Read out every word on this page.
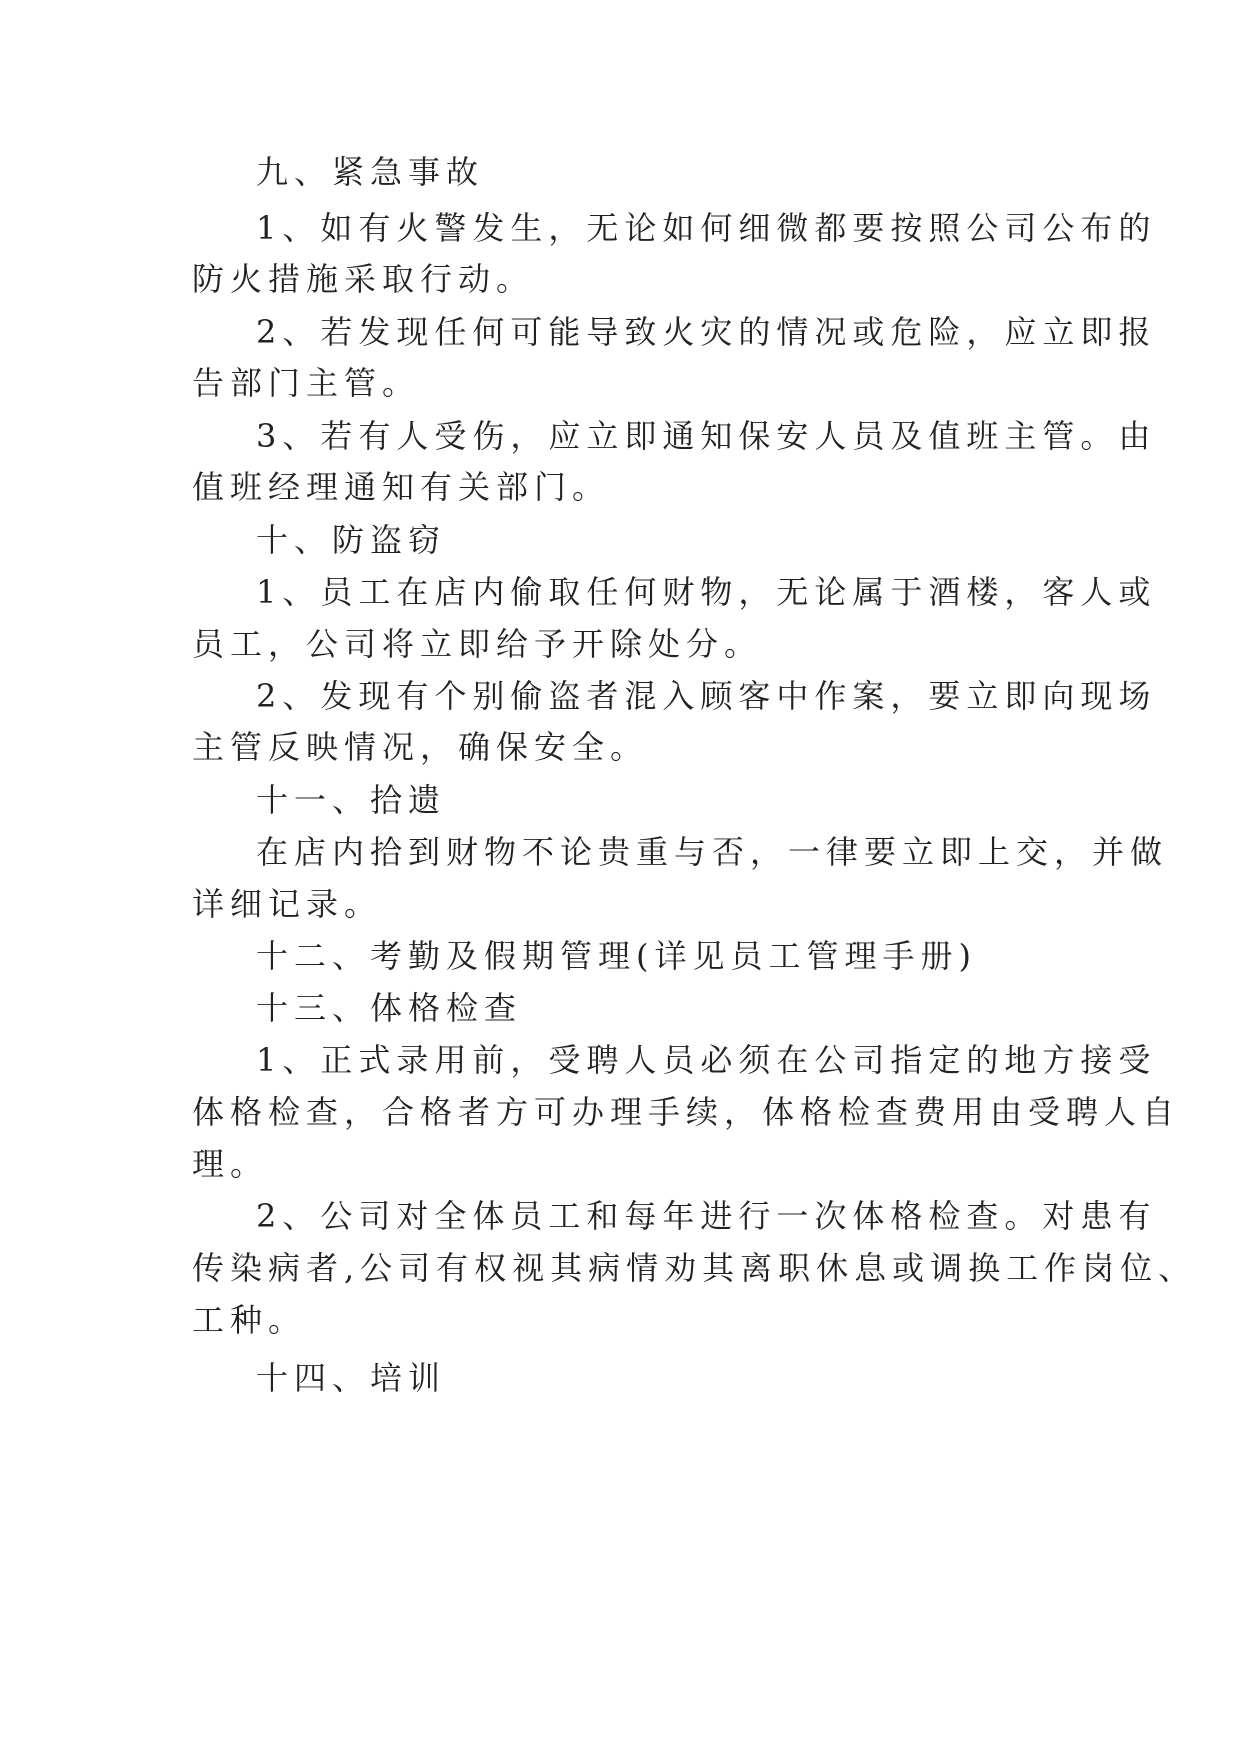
九、紧急事故
1、如有火警发生，无论如何细微都要按照公司公布的
防火措施采取行动。
2、若发现任何可能导致火灾的情况或危险，应立即报
告部门主管。
3、若有人受伤，应立即通知保安人员及值班主管。由
值班经理通知有关部门。
十、防盗窃
1、员工在店内偷取任何财物，无论属于酒楼，客人或
员工，公司将立即给予开除处分。
2、发现有个别偷盗者混入顾客中作案，要立即向现场
主管反映情况，确保安全。
十一、拾遗
在店内拾到财物不论贵重与否，一律要立即上交，并做
详细记录。
十二、考勤及假期管理(详见员工管理手册)
十三、体格检查
1、正式录用前，受聘人员必须在公司指定的地方接受
体格检查，合格者方可办理手续，体格检查费用由受聘人自
理。
2、公司对全体员工和每年进行一次体格检查。对患有
传染病者,公司有权视其病情劝其离职休息或调换工作岗位、
工种。
十四、培训
